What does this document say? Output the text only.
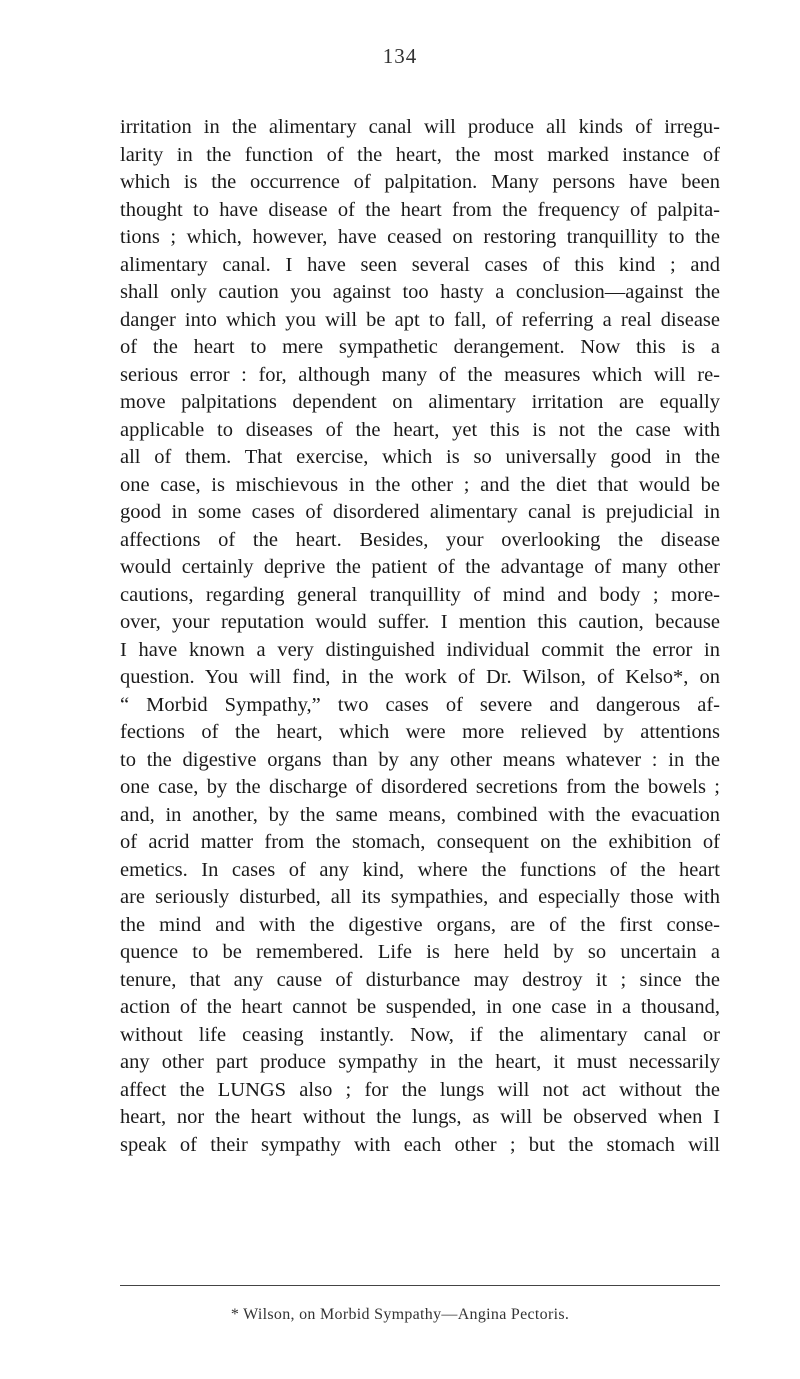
134
irritation in the alimentary canal will produce all kinds of irregu-
larity in the function of the heart, the most marked instance of
which is the occurrence of palpitation. Many persons have been
thought to have disease of the heart from the frequency of palpita-
tions ; which, however, have ceased on restoring tranquillity to the
alimentary canal. I have seen several cases of this kind ; and
shall only caution you against too hasty a conclusion—against the
danger into which you will be apt to fall, of referring a real disease
of the heart to mere sympathetic derangement. Now this is a
serious error : for, although many of the measures which will re-
move palpitations dependent on alimentary irritation are equally
applicable to diseases of the heart, yet this is not the case with
all of them. That exercise, which is so universally good in the
one case, is mischievous in the other ; and the diet that would be
good in some cases of disordered alimentary canal is prejudicial in
affections of the heart. Besides, your overlooking the disease
would certainly deprive the patient of the advantage of many other
cautions, regarding general tranquillity of mind and body ; more-
over, your reputation would suffer. I mention this caution, because
I have known a very distinguished individual commit the error in
question. You will find, in the work of Dr. Wilson, of Kelso*, on
“ Morbid Sympathy,” two cases of severe and dangerous af-
fections of the heart, which were more relieved by attentions
to the digestive organs than by any other means whatever : in the
one case, by the discharge of disordered secretions from the bowels ;
and, in another, by the same means, combined with the evacuation
of acrid matter from the stomach, consequent on the exhibition of
emetics. In cases of any kind, where the functions of the heart
are seriously disturbed, all its sympathies, and especially those with
the mind and with the digestive organs, are of the first conse-
quence to be remembered. Life is here held by so uncertain a
tenure, that any cause of disturbance may destroy it ; since the
action of the heart cannot be suspended, in one case in a thousand,
without life ceasing instantly. Now, if the alimentary canal or
any other part produce sympathy in the heart, it must necessarily
affect the LUNGS also ; for the lungs will not act without the
heart, nor the heart without the lungs, as will be observed when I
speak of their sympathy with each other ; but the stomach will
* Wilson, on Morbid Sympathy—Angina Pectoris.
